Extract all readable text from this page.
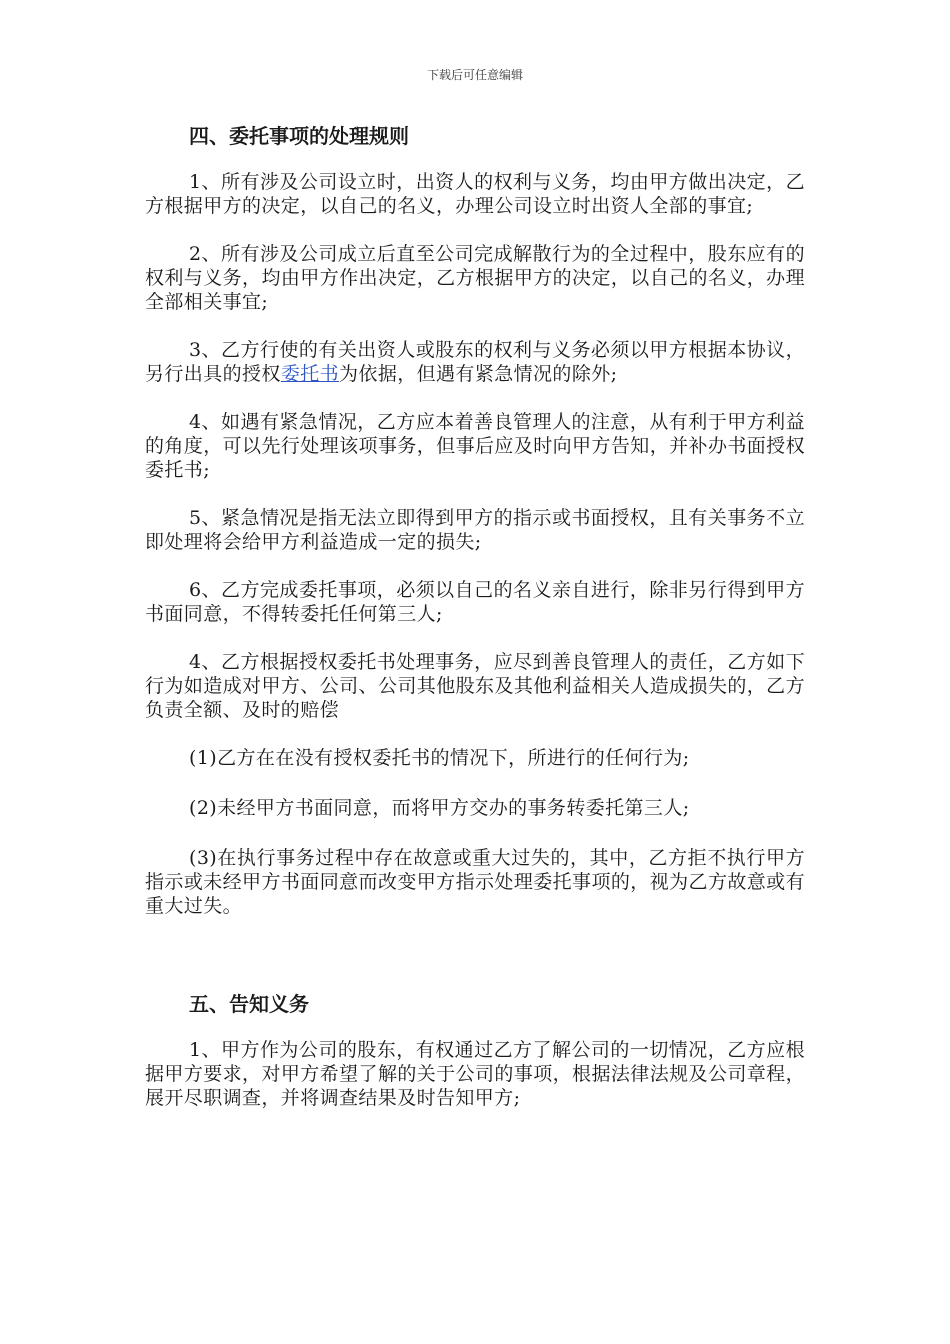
下载后可任意编辑
四、委托事项的处理规则

1、所有涉及公司设立时，出资人的权利与义务，均由甲方做出决定，乙方根据甲方的决定，以自己的名义，办理公司设立时出资人全部的事宜;

2、所有涉及公司成立后直至公司完成解散行为的全过程中，股东应有的权利与义务，均由甲方作出决定，乙方根据甲方的决定，以自己的名义，办理全部相关事宜;

3、乙方行使的有关出资人或股东的权利与义务必须以甲方根据本协议，另行出具的授权委托书为依据，但遇有紧急情况的除外;

4、如遇有紧急情况，乙方应本着善良管理人的注意，从有利于甲方利益的角度，可以先行处理该项事务，但事后应及时向甲方告知，并补办书面授权委托书;

5、紧急情况是指无法立即得到甲方的指示或书面授权，且有关事务不立即处理将会给甲方利益造成一定的损失;

6、乙方完成委托事项，必须以自己的名义亲自进行，除非另行得到甲方书面同意，不得转委托任何第三人;

4、乙方根据授权委托书处理事务，应尽到善良管理人的责任，乙方如下行为如造成对甲方、公司、公司其他股东及其他利益相关人造成损失的，乙方负责全额、及时的赔偿

(1)乙方在在没有授权委托书的情况下，所进行的任何行为;

(2)未经甲方书面同意，而将甲方交办的事务转委托第三人;

(3)在执行事务过程中存在故意或重大过失的，其中，乙方拒不执行甲方指示或未经甲方书面同意而改变甲方指示处理委托事项的，视为乙方故意或有重大过失。

五、告知义务

1、甲方作为公司的股东，有权通过乙方了解公司的一切情况，乙方应根据甲方要求，对甲方希望了解的关于公司的事项，根据法律法规及公司章程，展开尽职调查，并将调查结果及时告知甲方;
